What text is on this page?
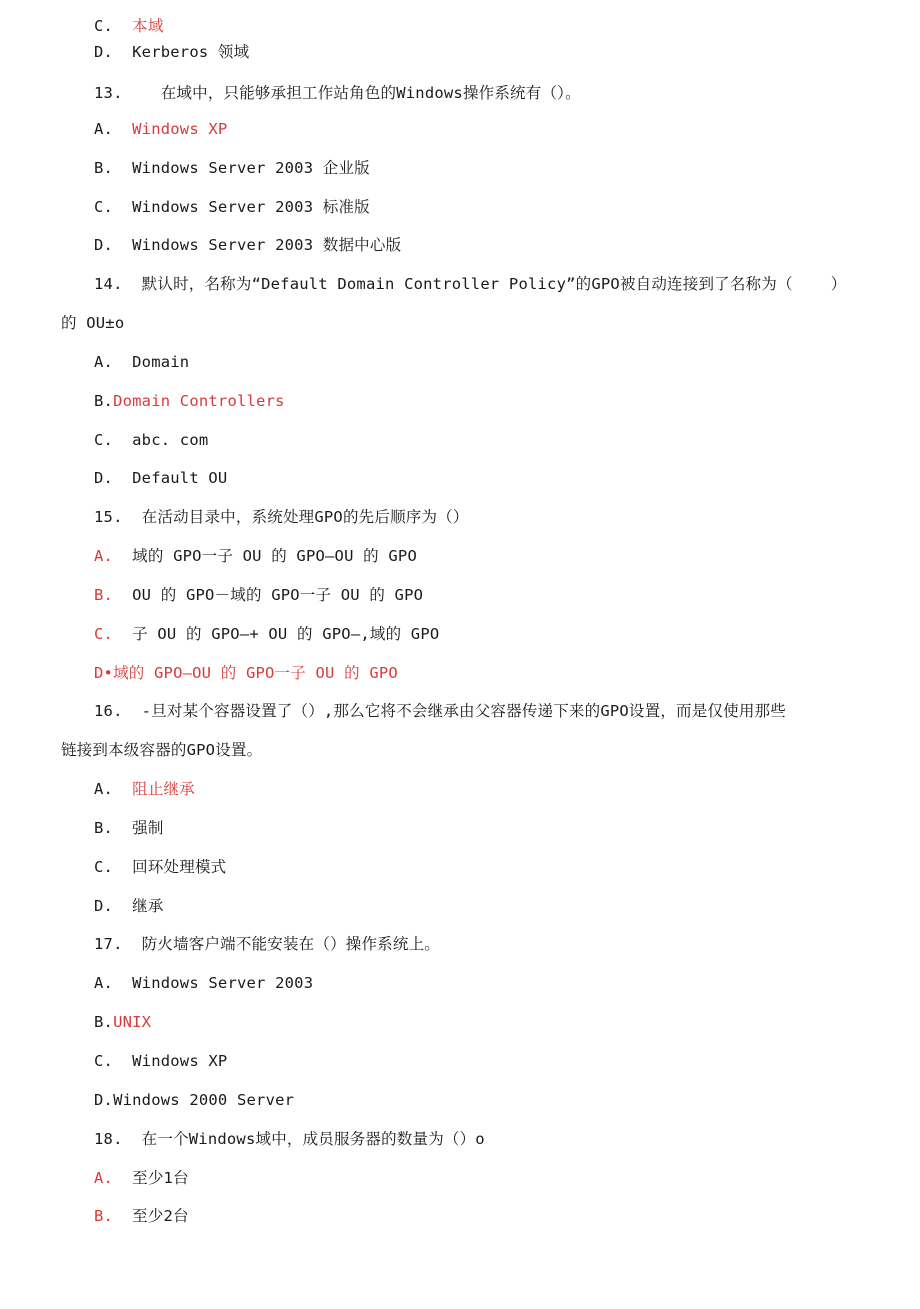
C.  本域
D.  Kerberos 领域
13.    在域中，只能够承担工作站角色的Windows操作系统有（）。
A.  Windows XP
B.  Windows Server 2003 企业版
C.  Windows Server 2003 标准版
D.  Windows Server 2003 数据中心版
14.  默认时，名称为“Default Domain Controller Policy”的GPO被自动连接到了名称为（    ）
的 OU±o
A.  Domain
B.Domain Controllers
C.  abc. com
D.  Default OU
15.  在活动目录中，系统处理GPO的先后顺序为（）
A.  域的 GPO一子 OU 的 GPO—OU 的 GPO
B.  OU 的 GPO－域的 GPO一子 OU 的 GPO
C.  子 OU 的 GPO—+ OU 的 GPO—,域的 GPO
D•域的 GPO—OU 的 GPO一子 OU 的 GPO
16.  -旦对某个容器设置了（）,那么它将不会继承由父容器传递下来的GPO设置，而是仅使用那些
链接到本级容器的GPO设置。
A.  阻止继承
B.  强制
C.  回环处理模式
D.  继承
17.  防火墙客户端不能安装在（）操作系统上。
A.  Windows Server 2003
B.UNIX
C.  Windows XP
D.Windows 2000 Server
18.  在一个Windows域中，成员服务器的数量为（）o
A.  至少1台
B.  至少2台
